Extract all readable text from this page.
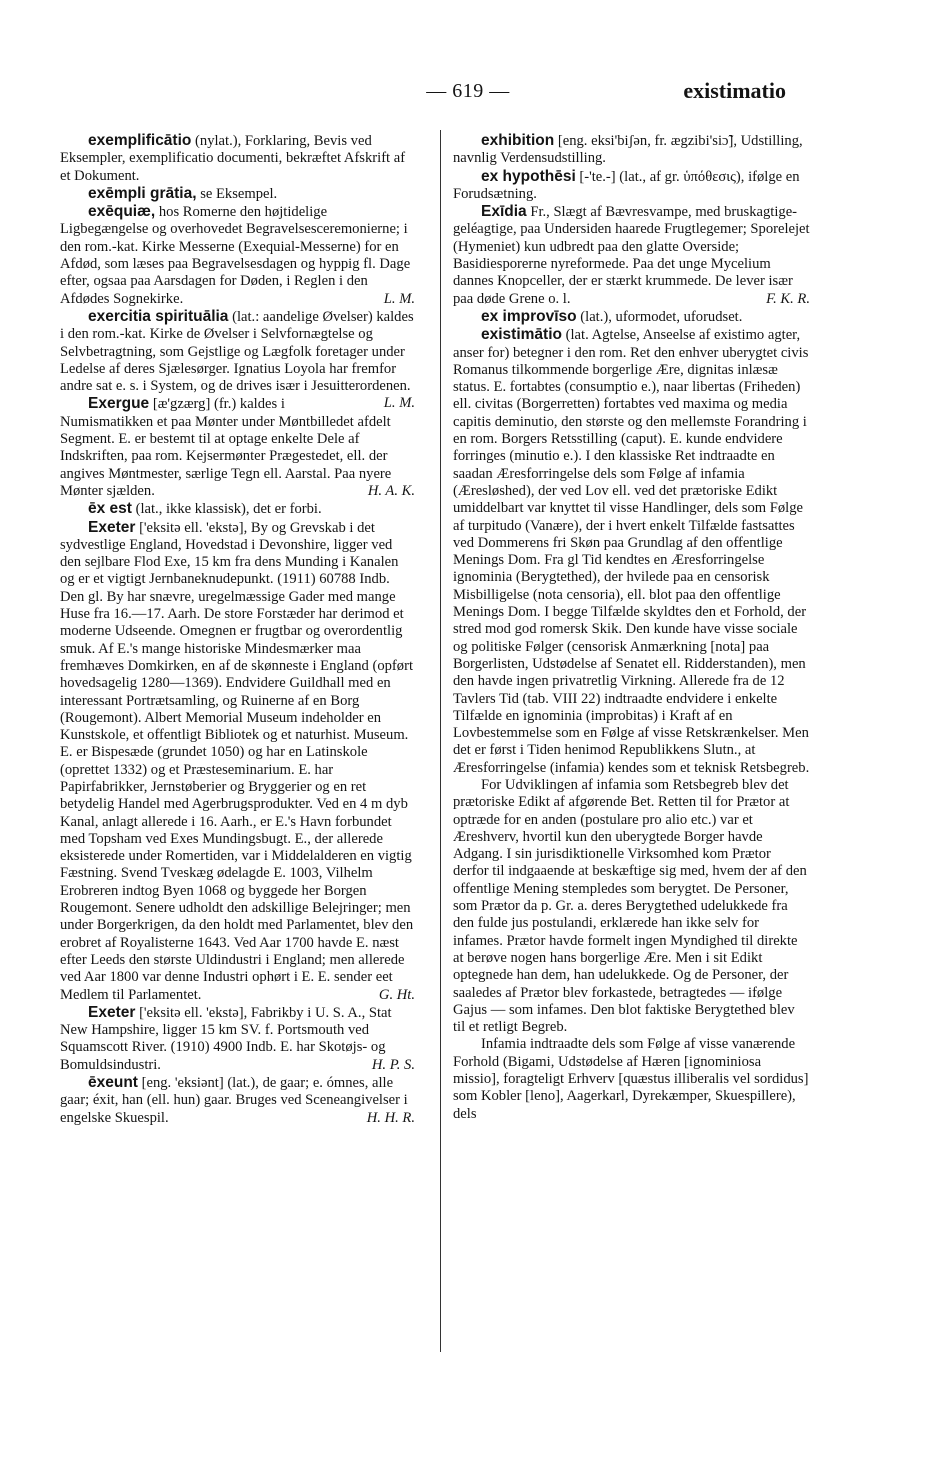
— 619 —	existimatio

exemplificātio (nylat.), Forklaring, Bevis ved Eksempler, exemplificatio documenti, bekræftet Afskrift af et Dokument.

exēmpli grātia, se Eksempel.

exēquiæ, hos Romerne den højtidelige Ligbegængelse og overhovedet Begravelsesceremonierne; i den rom.-kat. Kirke Messerne (Exequial-Messerne) for en Afdød, som læses paa Begravelsesdagen og hyppig fl. Dage efter, ogsaa paa Aarsdagen for Døden, i Reglen i den Afdødes Sognekirke.	L. M.

exercitia spirituālia (lat.: aandelige Øvelser) kaldes i den rom.-kat. Kirke de Øvelser i Selvfornægtelse og Selvbetragtning, som Gejstlige og Lægfolk foretager under Ledelse af deres Sjælesørger. Ignatius Loyola har fremfor andre sat e. s. i System, og de drives især i Jesuitterordenen.
L. M.

Exergue [æ'gzærg] (fr.) kaldes i Numismatikken et paa Mønter under Møntbilledet afdelt Segment. E. er bestemt til at optage enkelte Dele af Indskriften, paa rom. Kejsermønter Prægestedet, ell. der angives Møntmester, særlige Tegn ell. Aarstal. Paa nyere Mønter sjælden.	H. A. K.

ēx est (lat., ikke klassisk), det er forbi.

Exeter ['eksitə ell. 'ekstə], By og Grevskab i det sydvestlige England, Hovedstad i Devonshire, ligger ved den sejlbare Flod Exe, 15 km fra dens Munding i Kanalen og er et vigtigt Jernbaneknudepunkt. (1911) 60788 Indb. Den gl. By har snævre, uregelmæssige Gader med mange Huse fra 16.—17. Aarh. De store Forstæder har derimod et moderne Udseende. Omegnen er frugtbar og overordentlig smuk. Af E.'s mange historiske Mindesmærker maa fremhæves Domkirken, en af de skønneste i England (opført hovedsagelig 1280—1369). Endvidere Guildhall med en interessant Portrætsamling, og Ruinerne af en Borg (Rougemont). Albert Memorial Museum indeholder en Kunstskole, et offentligt Bibliotek og et naturhist. Museum. E. er Bispesæde (grundet 1050) og har en Latinskole (oprettet 1332) og et Præsteseminarium. E. har Papirfabrikker, Jernstøberier og Bryggerier og en ret betydelig Handel med Agerbrugsprodukter. Ved en 4 m dyb Kanal, anlagt allerede i 16. Aarh., er E.'s Havn forbundet med Topsham ved Exes Mundingsbugt. E., der allerede eksisterede under Romertiden, var i Middelalderen en vigtig Fæstning. Svend Tveskæg ødelagde E. 1003, Vilhelm Erobreren indtog Byen 1068 og byggede her Borgen Rougemont. Senere udholdt den adskillige Belejringer; men under Borgerkrigen, da den holdt med Parlamentet, blev den erobret af Royalisterne 1643. Ved Aar 1700 havde E. næst efter Leeds den største Uldindustri i England; men allerede ved Aar 1800 var denne Industri ophørt i E. E. sender eet Medlem til Parlamentet.	G. Ht.

Exeter ['eksitə ell. 'ekstə], Fabrikby i U. S. A., Stat New Hampshire, ligger 15 km SV. f. Portsmouth ved Squamscott River. (1910) 4900 Indb. E. har Skotøjs- og Bomuldsindustri.	H. P. S.

ēxeunt [eng. 'eksiənt] (lat.), de gaar; e. ómnes, alle gaar; éxit, han (ell. hun) gaar. Bruges ved Sceneangivelser i engelske Skuespil.	H. H. R.

exhibition [eng. eksi'biʃən, fr. ægzibi'siɔ̃], Udstilling, navnlig Verdensudstilling.

ex hypothēsi [-'te.-] (lat., af gr. ὑπόθεσις), ifølge en Forudsætning.

Exīdia Fr., Slægt af Bævresvampe, med bruskagtige-geléagtige, paa Undersiden haarede Frugtlegemer; Sporelejet (Hymeniet) kun udbredt paa den glatte Overside; Basidiesporerne nyreformede. Paa det unge Mycelium dannes Knopceller, der er stærkt krummede. De lever især paa døde Grene o. l.	F. K. R.

ex improvīso (lat.), uformodet, uforudset.

existimātio (lat. Agtelse, Anseelse af existimo agter, anser for) betegner i den rom. Ret den enhver uberygtet civis Romanus tilkommende borgerlige Ære, dignitas inlæsæ status. E. fortabtes (consumptio e.), naar libertas (Friheden) ell. civitas (Borgerretten) fortabtes ved maxima og media capitis deminutio, den største og den mellemste Forandring i en rom. Borgers Retsstilling (caput). E. kunde endvidere forringes (minutio e.). I den klassiske Ret indtraadte en saadan Æresforringelse dels som Følge af infamia (Æresløshed), der ved Lov ell. ved det prætoriske Edikt umiddelbart var knyttet til visse Handlinger, dels som Følge af turpitudo (Vanære), der i hvert enkelt Tilfælde fastsattes ved Dommerens fri Skøn paa Grundlag af den offentlige Menings Dom. Fra gl Tid kendtes en Æresforringelse ignominia (Berygtethed), der hvilede paa en censorisk Misbilligelse (nota censoria), ell. blot paa den offentlige Menings Dom. I begge Tilfælde skyldtes den et Forhold, der stred mod god romersk Skik. Den kunde have visse sociale og politiske Følger (censorisk Anmærkning [nota] paa Borgerlisten, Udstødelse af Senatet ell. Ridderstanden), men den havde ingen privatretlig Virkning. Allerede fra de 12 Tavlers Tid (tab. VIII 22) indtraadte endvidere i enkelte Tilfælde en ignominia (improbitas) i Kraft af en Lovbestemmelse som en Følge af visse Retskrænkelser. Men det er først i Tiden henimod Republikkens Slutn., at Æresforringelse (infamia) kendes som et teknisk Retsbegreb.

For Udviklingen af infamia som Retsbegreb blev det prætoriske Edikt af afgørende Bet. Retten til for Prætor at optræde for en anden (postulare pro alio etc.) var et Æreshverv, hvortil kun den uberygtede Borger havde Adgang. I sin jurisdiktionelle Virksomhed kom Prætor derfor til indgaaende at beskæftige sig med, hvem der af den offentlige Mening stempledes som berygtet. De Personer, som Prætor da p. Gr. a. deres Berygtethed udelukkede fra den fulde jus postulandi, erklærede han ikke selv for infames. Prætor havde formelt ingen Myndighed til direkte at berøve nogen hans borgerlige Ære. Men i sit Edikt optegnede han dem, han udelukkede. Og de Personer, der saaledes af Prætor blev forkastede, betragtedes — ifølge Gajus — som infames. Den blot faktiske Berygtethed blev til et retligt Begreb.

Infamia indtraadte dels som Følge af visse vanærende Forhold (Bigami, Udstødelse af Hæren [ignominiosa missio], foragteligt Erhverv [quæstus illiberalis vel sordidus] som Kobler [leno], Aagerkarl, Dyrekæmper, Skuespillere), dels
